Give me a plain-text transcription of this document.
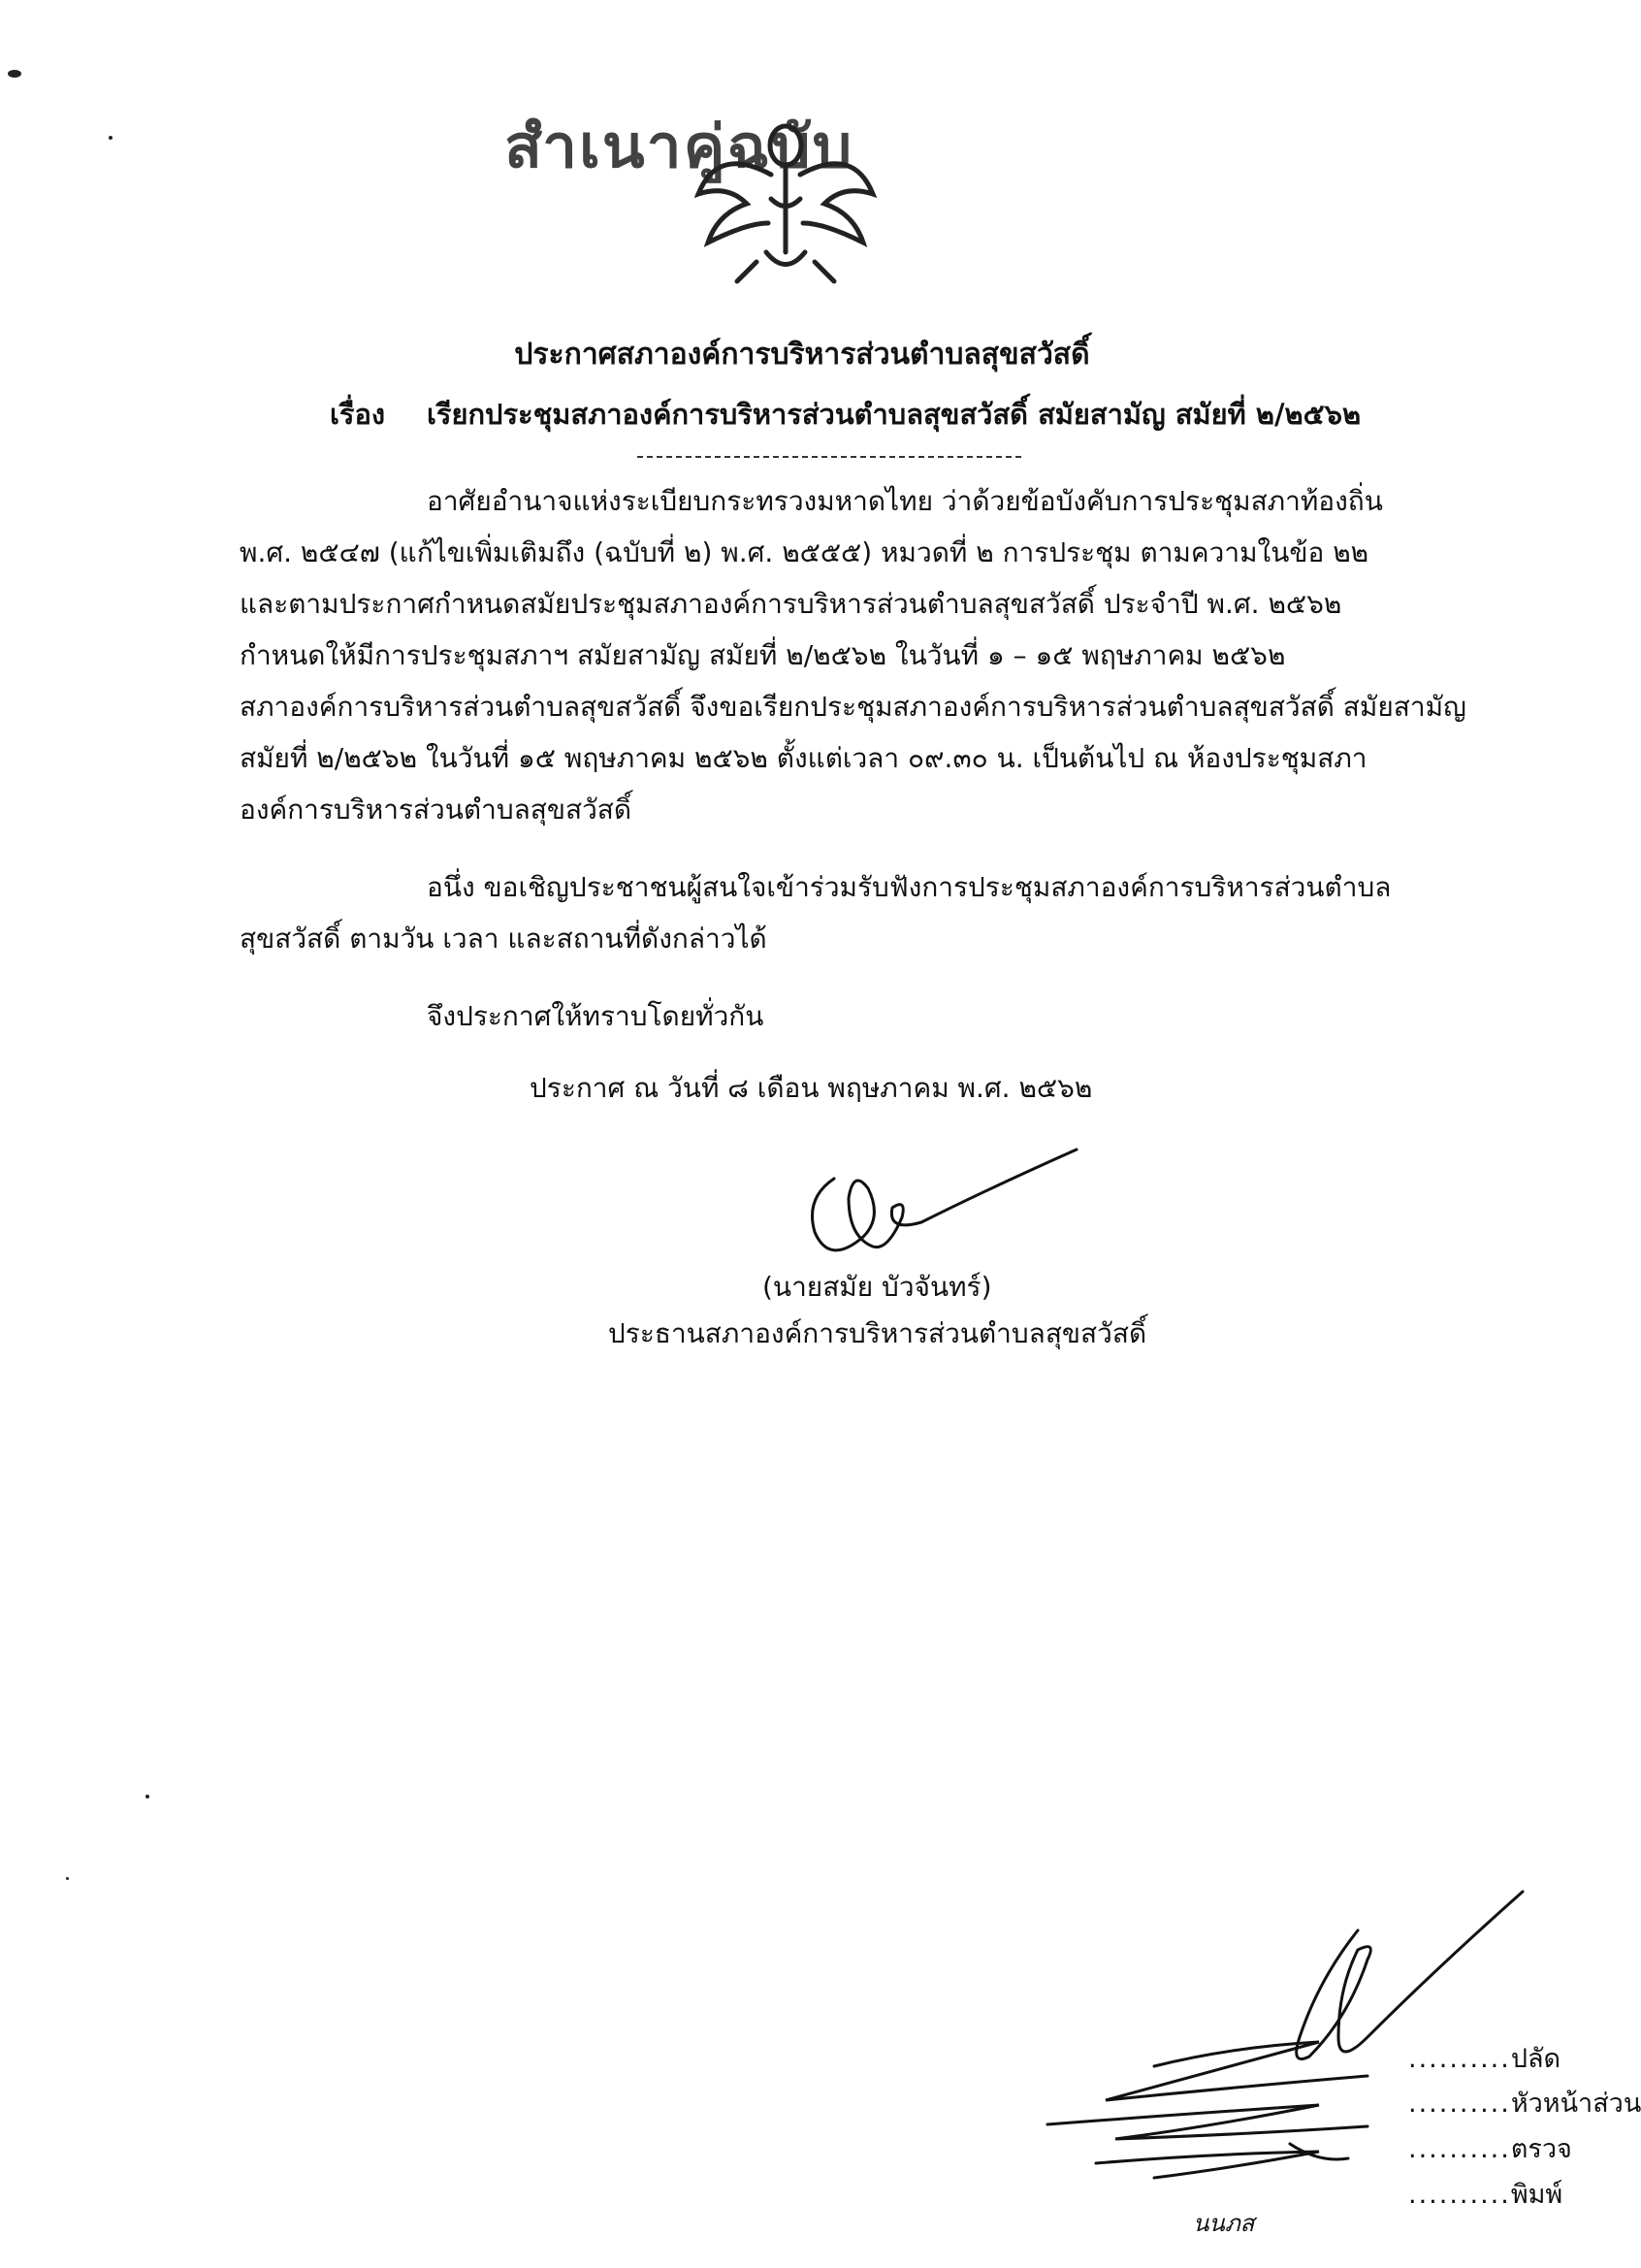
สำเนาคู่ฉบับ
ประกาศสภาองค์การบริหารส่วนตำบลสุขสวัสดิ์
เรื่อง เรียกประชุมสภาองค์การบริหารส่วนตำบลสุขสวัสดิ์ สมัยสามัญ สมัยที่ ๒/๒๕๖๒
อาศัยอำนาจแห่งระเบียบกระทรวงมหาดไทย ว่าด้วยข้อบังคับการประชุมสภาท้องถิ่น
พ.ศ. ๒๕๔๗ (แก้ไขเพิ่มเติมถึง (ฉบับที่ ๒) พ.ศ. ๒๕๕๕) หมวดที่ ๒ การประชุม ตามความในข้อ ๒๒
และตามประกาศกำหนดสมัยประชุมสภาองค์การบริหารส่วนตำบลสุขสวัสดิ์ ประจำปี พ.ศ. ๒๕๖๒
กำหนดให้มีการประชุมสภาฯ สมัยสามัญ สมัยที่ ๒/๒๕๖๒ ในวันที่ ๑ – ๑๕ พฤษภาคม ๒๕๖๒
สภาองค์การบริหารส่วนตำบลสุขสวัสดิ์ จึงขอเรียกประชุมสภาองค์การบริหารส่วนตำบลสุขสวัสดิ์ สมัยสามัญ
สมัยที่ ๒/๒๕๖๒ ในวันที่ ๑๕ พฤษภาคม ๒๕๖๒ ตั้งแต่เวลา ๐๙.๓๐ น. เป็นต้นไป ณ ห้องประชุมสภา
องค์การบริหารส่วนตำบลสุขสวัสดิ์
อนึ่ง ขอเชิญประชาชนผู้สนใจเข้าร่วมรับฟังการประชุมสภาองค์การบริหารส่วนตำบล
สุขสวัสดิ์ ตามวัน เวลา และสถานที่ดังกล่าวได้
จึงประกาศให้ทราบโดยทั่วกัน
ประกาศ ณ วันที่ ๘ เดือน พฤษภาคม พ.ศ. ๒๕๖๒
(นายสมัย บัวจันทร์)
ประธานสภาองค์การบริหารส่วนตำบลสุขสวัสดิ์
นนภส
..........ปลัด
..........หัวหน้าส่วน
..........ตรวจ
..........พิมพ์
